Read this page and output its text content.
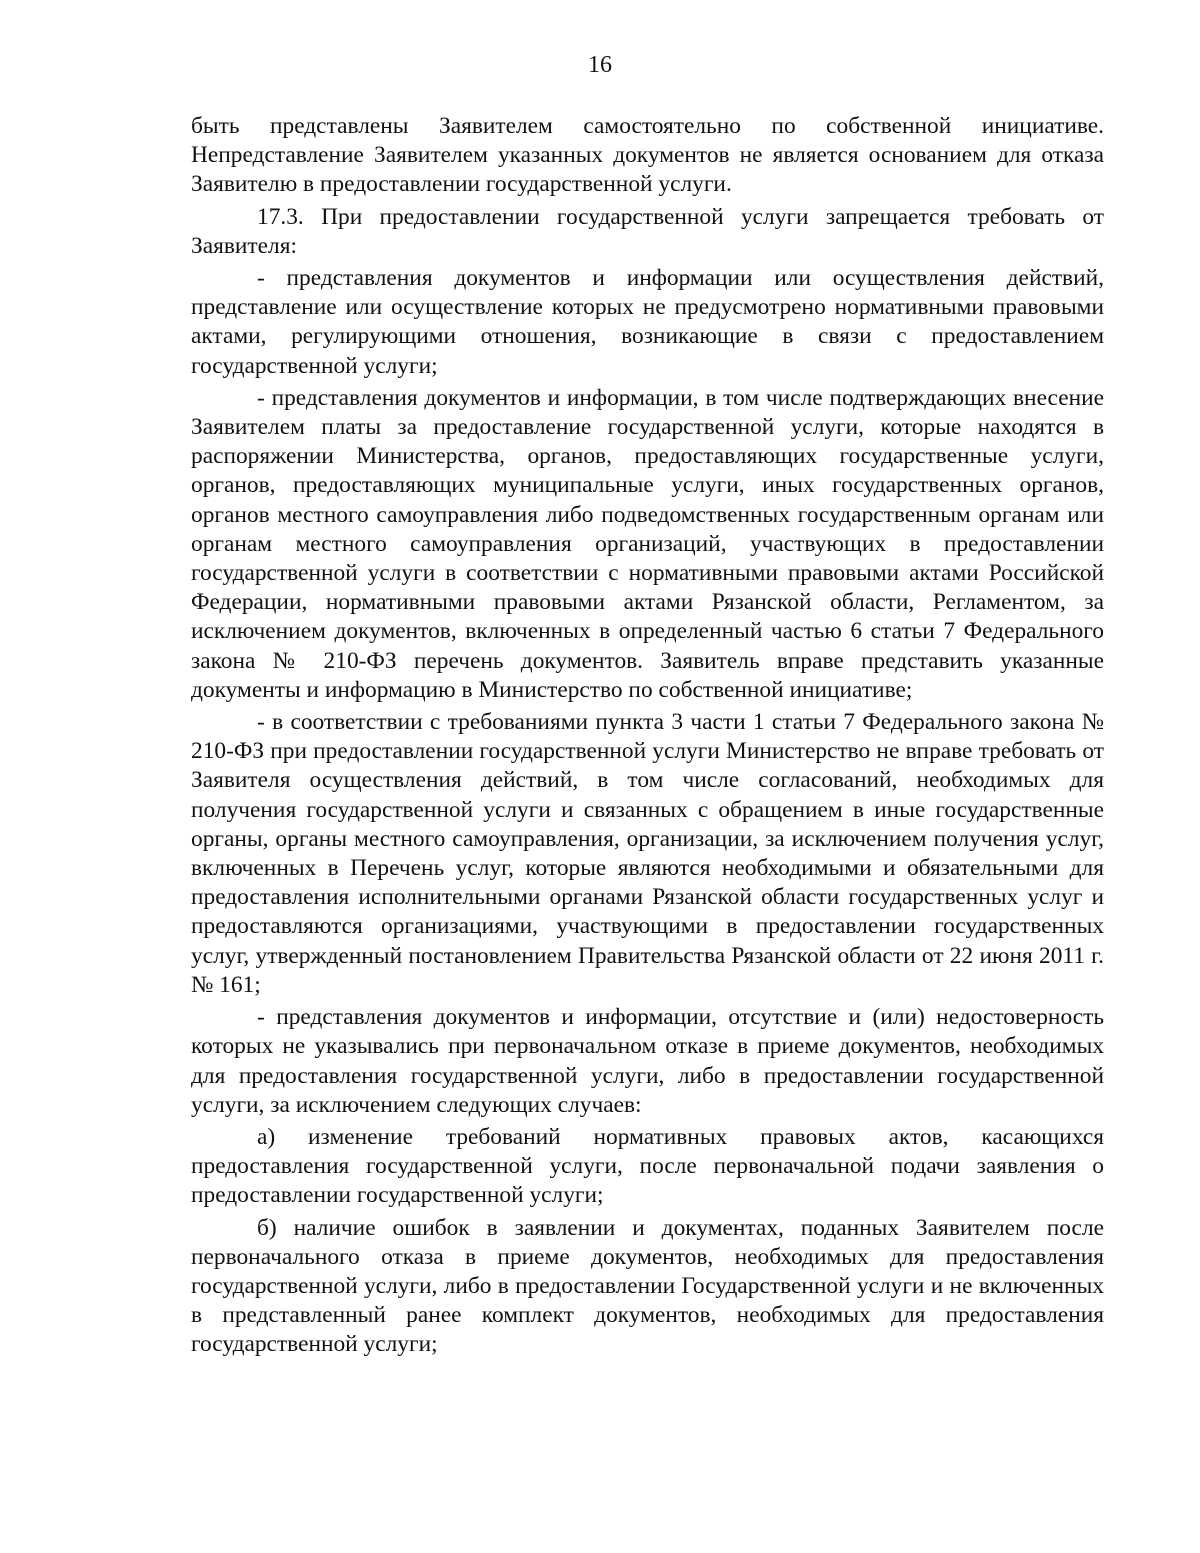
16

быть представлены Заявителем самостоятельно по собственной инициативе. Непредставление Заявителем указанных документов не является основанием для отказа Заявителю в предоставлении государственной услуги.

17.3. При предоставлении государственной услуги запрещается требовать от Заявителя:

- представления документов и информации или осуществления действий, представление или осуществление которых не предусмотрено нормативными правовыми актами, регулирующими отношения, возникающие в связи с предоставлением государственной услуги;

- представления документов и информации, в том числе подтверждающих внесение Заявителем платы за предоставление государственной услуги, которые находятся в распоряжении Министерства, органов, предоставляющих государственные услуги, органов, предоставляющих муниципальные услуги, иных государственных органов, органов местного самоуправления либо подведомственных государственным органам или органам местного самоуправления организаций, участвующих в предоставлении государственной услуги в соответствии с нормативными правовыми актами Российской Федерации, нормативными правовыми актами Рязанской области, Регламентом, за исключением документов, включенных в определенный частью 6 статьи 7 Федерального закона № 210-ФЗ перечень документов. Заявитель вправе представить указанные документы и информацию в Министерство по собственной инициативе;

- в соответствии с требованиями пункта 3 части 1 статьи 7 Федерального закона № 210-ФЗ при предоставлении государственной услуги Министерство не вправе требовать от Заявителя осуществления действий, в том числе согласований, необходимых для получения государственной услуги и связанных с обращением в иные государственные органы, органы местного самоуправления, организации, за исключением получения услуг, включенных в Перечень услуг, которые являются необходимыми и обязательными для предоставления исполнительными органами Рязанской области государственных услуг и предоставляются организациями, участвующими в предоставлении государственных услуг, утвержденный постановлением Правительства Рязанской области от 22 июня 2011 г. № 161;

- представления документов и информации, отсутствие и (или) недостоверность которых не указывались при первоначальном отказе в приеме документов, необходимых для предоставления государственной услуги, либо в предоставлении государственной услуги, за исключением следующих случаев:

а) изменение требований нормативных правовых актов, касающихся предоставления государственной услуги, после первоначальной подачи заявления о предоставлении государственной услуги;

б) наличие ошибок в заявлении и документах, поданных Заявителем после первоначального отказа в приеме документов, необходимых для предоставления государственной услуги, либо в предоставлении Государственной услуги и не включенных в представленный ранее комплект документов, необходимых для предоставления государственной услуги;
